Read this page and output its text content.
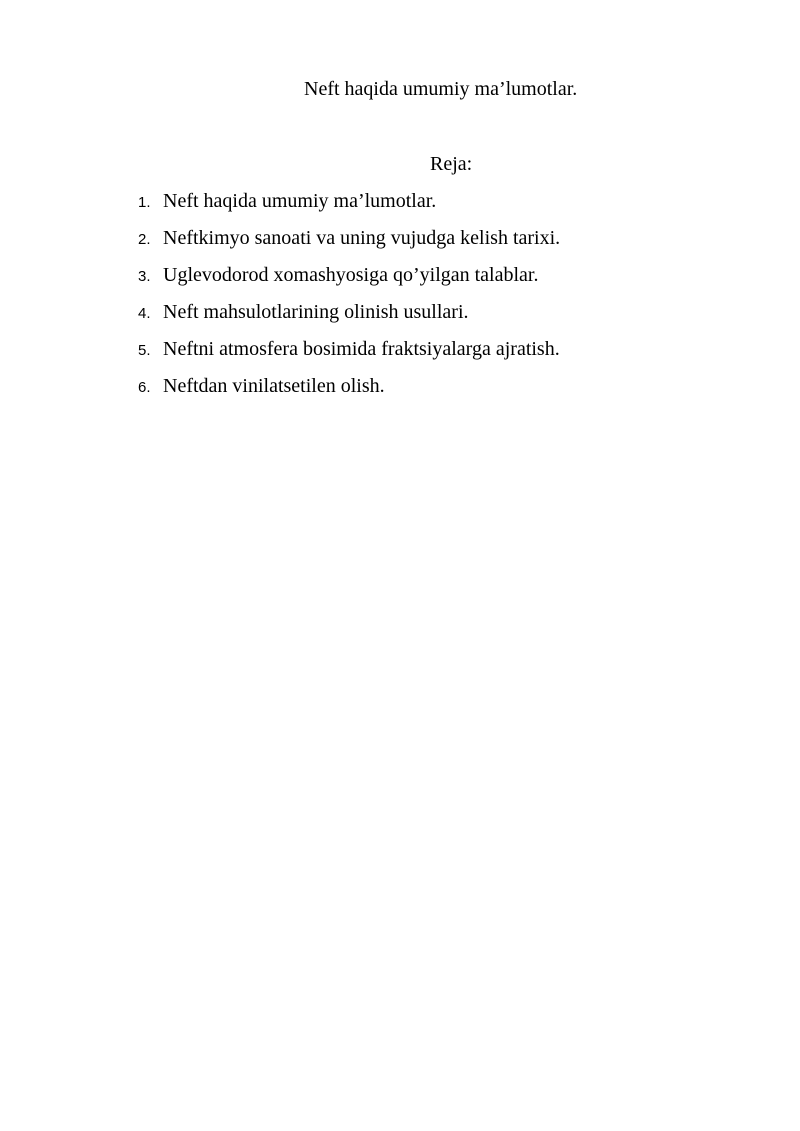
Neft haqida umumiy ma’lumotlar.
Reja:
1. Neft haqida umumiy ma’lumotlar.
2. Neftkimyo sanoati va uning vujudga kelish tarixi.
3. Uglevodorod xomashyosiga qo’yilgan talablar.
4. Neft mahsulotlarining olinish usullari.
5. Neftni atmosfera bosimida fraktsiyalarga ajratish.
6. Neftdan vinilatsetilen olish.
